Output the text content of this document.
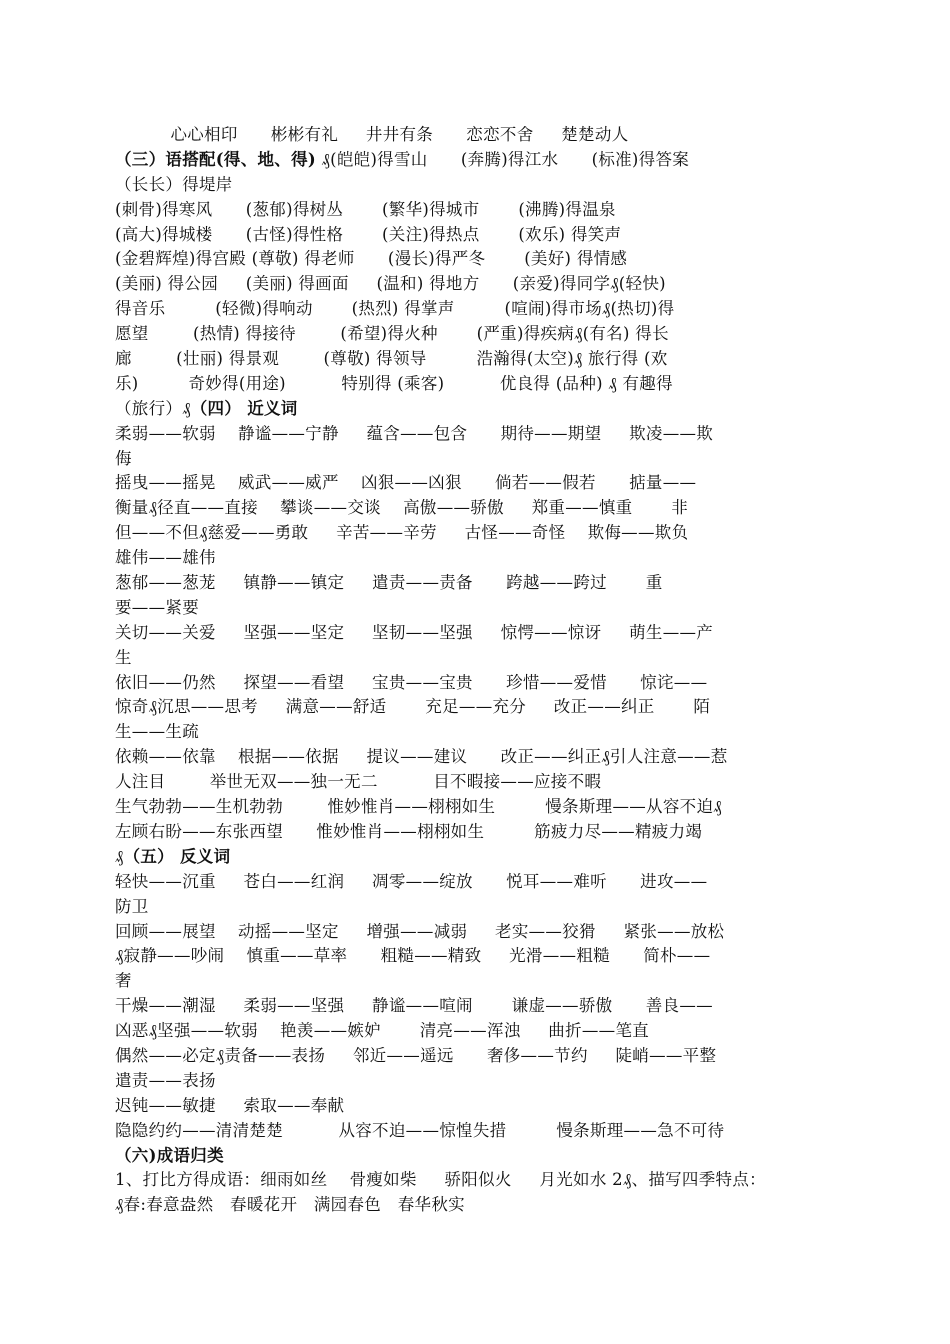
心心相印      彬彬有礼     井井有条      恋恋不舍     楚楚动人
（三）语搭配(得、地、得) ₰(皑皑)得雪山      (奔腾)得江水      (标准)得答案
（长长）得堤岸
(刺骨)得寒风      (葱郁)得树丛       (繁华)得城市       (沸腾)得温泉
(高大)得城楼      (古怪)得性格       (关注)得热点       (欢乐) 得笑声
(金碧辉煌)得宫殿 (尊敬) 得老师      (漫长)得严冬       (美好) 得情感
(美丽) 得公园     (美丽) 得画面     (温和) 得地方      (亲爱)得同学₰(轻快)
得音乐         (轻微)得响动       (热烈) 得掌声         (喧闹)得市场₰(热切)得
愿望        (热情) 得接待        (希望)得火种       (严重)得疾病₰(有名) 得长
廊        (壮丽) 得景观        (尊敬) 得领导         浩瀚得(太空)₰ 旅行得 (欢
乐)         奇妙得(用途)          特别得 (乘客)          优良得 (品种) ₰ 有趣得
（旅行）₰（四） 近义词
柔弱——软弱    静谧——宁静     蕴含——包含      期待——期望     欺凌——欺
侮
摇曳——摇晃    威武——威严    凶狠——凶狠      倘若——假若      掂量——
衡量₰径直——直接    攀谈——交谈    高傲——骄傲     郑重——慎重       非
但——不但₰慈爱——勇敢     辛苦——辛劳     古怪——奇怪    欺侮——欺负
雄伟——雄伟
葱郁——葱茏     镇静——镇定     遣责——责备      跨越——跨过       重
要——紧要
关切——关爱     坚强——坚定     坚韧——坚强     惊愕——惊讶     萌生——产
生
依旧——仍然     探望——看望     宝贵——宝贵      珍惜——爱惜      惊诧——
惊奇₰沉思——思考     满意——舒适       充足——充分     改正——纠正       陌
生——生疏
依赖——依靠    根据——依据     提议——建议      改正——纠正₰引人注意——惹
人注目        举世无双——独一无二          目不暇接——应接不暇
生气勃勃——生机勃勃        惟妙惟肖——栩栩如生         慢条斯理——从容不迫₰
左顾右盼——东张西望      惟妙惟肖——栩栩如生         筋疲力尽——精疲力竭
₰（五） 反义词
轻快——沉重     苍白——红润     凋零——绽放      悦耳——难听      进攻——
防卫
回顾——展望    动摇——坚定     增强——减弱     老实——狡猾     紧张——放松
₰寂静——吵闹    慎重——草率      粗糙——精致     光滑——粗糙      简朴——
奢
干燥——潮湿     柔弱——坚强     静谧——喧闹       谦虚——骄傲      善良——
凶恶₰坚强——软弱    艳羡——嫉妒       清亮——浑浊     曲折——笔直
偶然——必定₰责备——表扬     邻近——遥远      奢侈——节约     陡峭——平整
遣责——表扬
迟钝——敏捷     索取——奉献
隐隐约约——清清楚楚          从容不迫——惊惶失措         慢条斯理——急不可待
（六)成语归类
1、打比方得成语：细雨如丝    骨瘦如柴     骄阳似火     月光如水 2₰、描写四季特点：
₰春:春意盎然   春暖花开   满园春色   春华秋实
